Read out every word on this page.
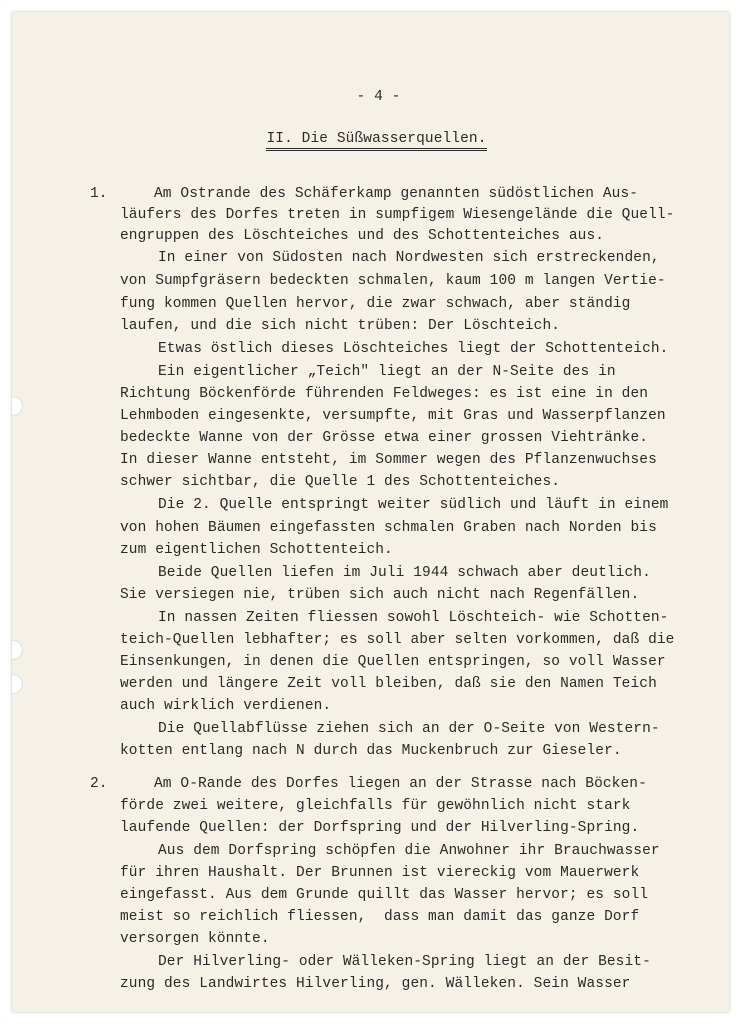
- 4 -
II. Die Süßwasserquellen.
1.	Am Ostrande des Schäferkamp genannten südöstlichen Aus-
läufers des Dorfes treten in sumpfigem Wiesengelände die Quell-
engruppen des Löschteiches und des Schottenteiches aus.
In einer von Südosten nach Nordwesten sich erstreckenden,
von Sumpfgräsern bedeckten schmalen, kaum 100 m langen Vertie-
fung kommen Quellen hervor, die zwar schwach, aber ständig
laufen, und die sich nicht trüben: Der Löschteich.
Etwas östlich dieses Löschteiches liegt der Schottenteich.
Ein eigentlicher „Teich" liegt an der N-Seite des in
Richtung Böckenförde führenden Feldweges: es ist eine in den
Lehmboden eingesenkte, versumpfte, mit Gras und Wasserpflanzen
bedeckte Wanne von der Grösse etwa einer grossen Viehtränke.
In dieser Wanne entsteht, im Sommer wegen des Pflanzenwuchses
schwer sichtbar, die Quelle 1 des Schottenteiches.
Die 2. Quelle entspringt weiter südlich und läuft in einem
von hohen Bäumen eingefassten schmalen Graben nach Norden bis
zum eigentlichen Schottenteich.
Beide Quellen liefen im Juli 1944 schwach aber deutlich.
Sie versiegen nie, trüben sich auch nicht nach Regenfällen.
In nassen Zeiten fliessen sowohl Löschteich- wie Schotten-
teich-Quellen lebhafter; es soll aber selten vorkommen, daß die
Einsenkungen, in denen die Quellen entspringen, so voll Wasser
werden und längere Zeit voll bleiben, daß sie den Namen Teich
auch wirklich verdienen.
Die Quellabflüsse ziehen sich an der O-Seite von Western-
kotten entlang nach N durch das Muckenbruch zur Gieseler.
2.	Am O-Rande des Dorfes liegen an der Strasse nach Böcken-
förde zwei weitere, gleichfalls für gewöhnlich nicht stark
laufende Quellen: der Dorfspring und der Hilverling-Spring.
Aus dem Dorfspring schöpfen die Anwohner ihr Brauchwasser
für ihren Haushalt. Der Brunnen ist viereckig vom Mauerwerk
eingefasst. Aus dem Grunde quillt das Wasser hervor; es soll
meist so reichlich fliessen,  dass man damit das ganze Dorf
versorgen könnte.
Der Hilverling- oder Wälleken-Spring liegt an der Besit-
zung des Landwirtes Hilverling, gen. Wälleken. Sein Wasser
